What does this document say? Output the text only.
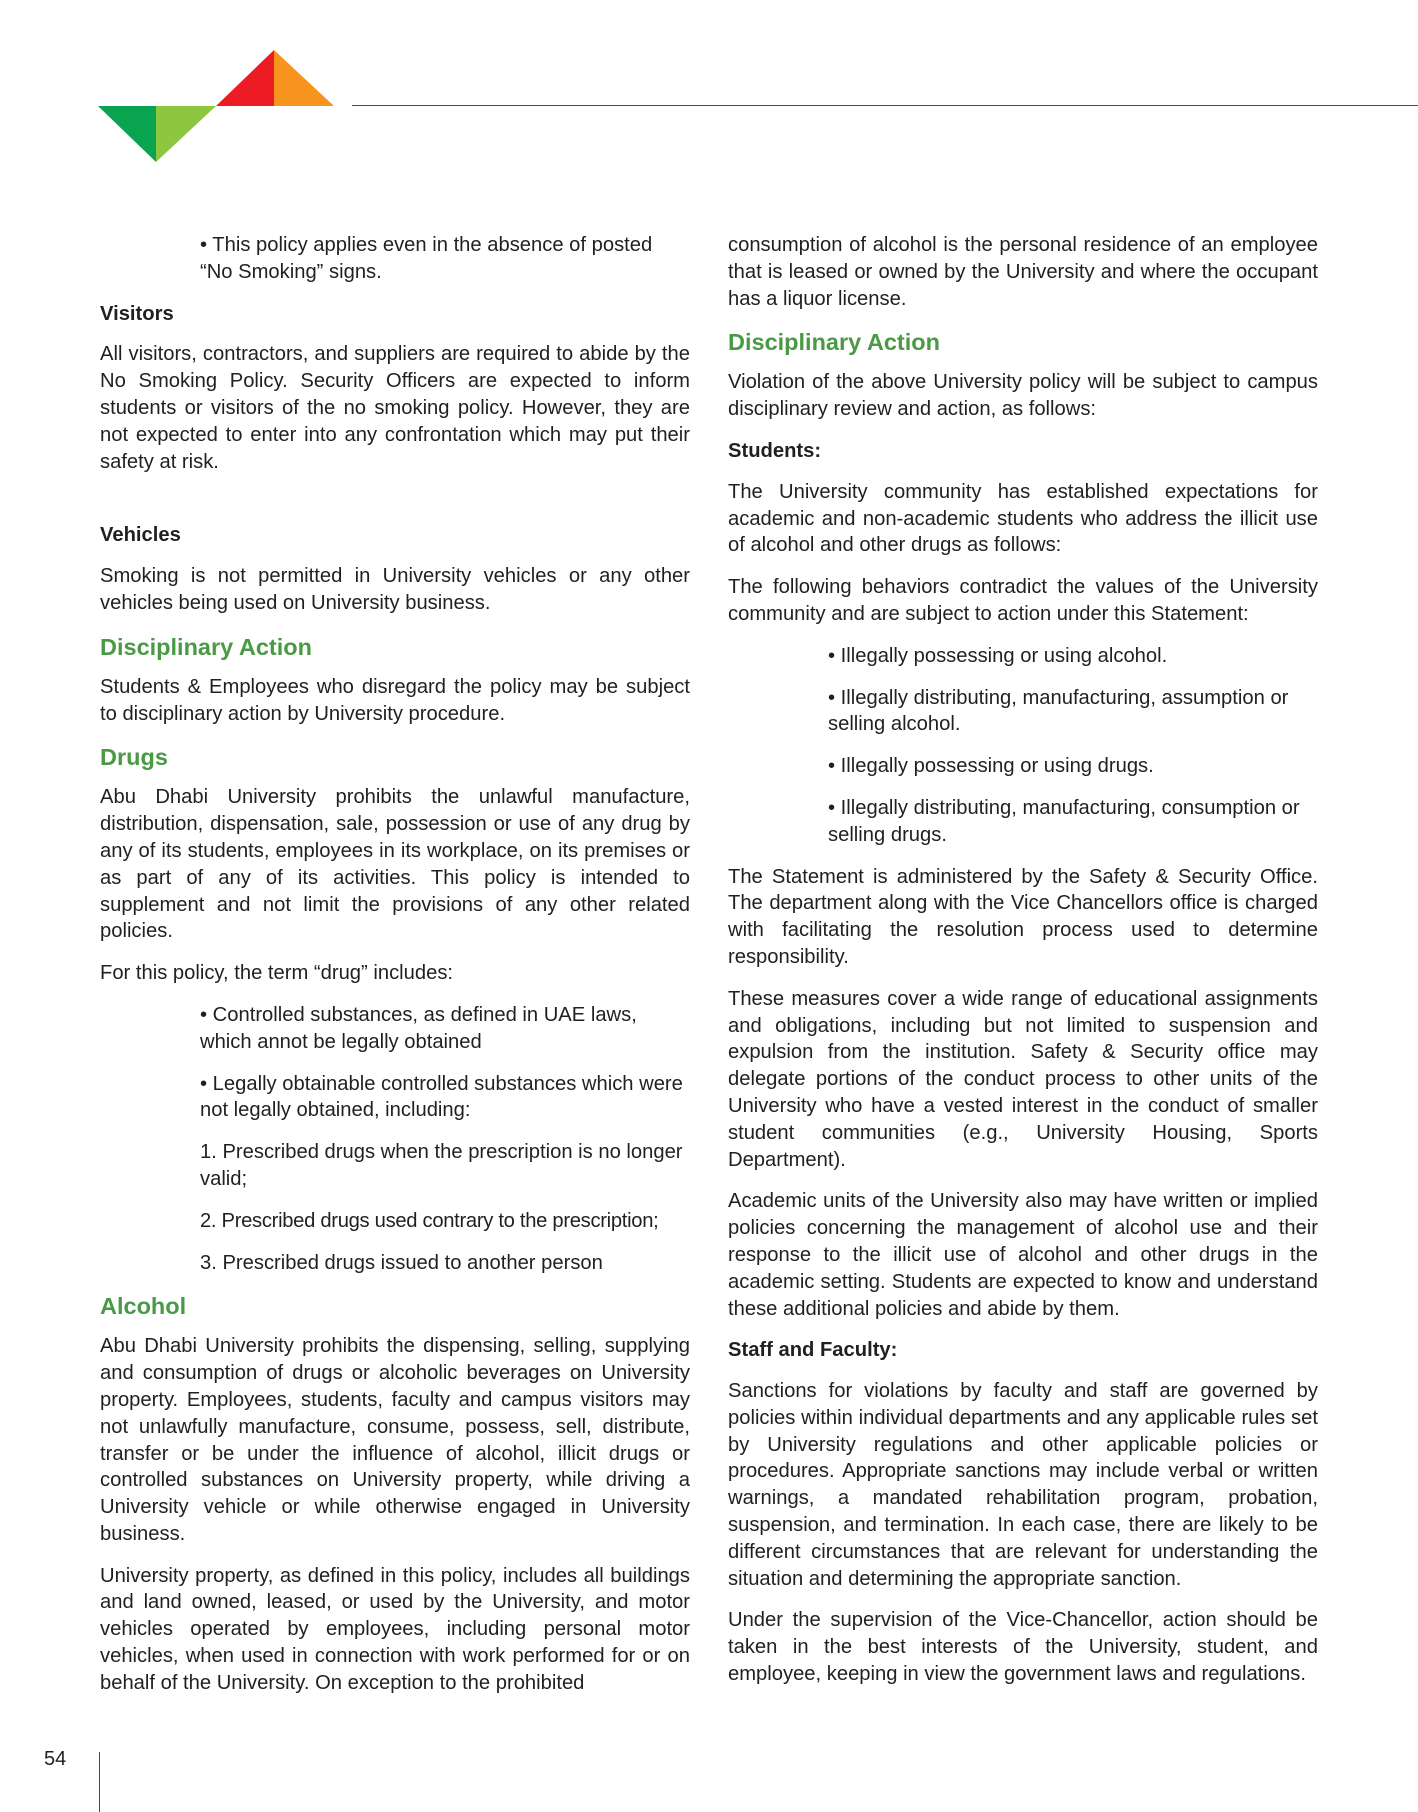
• This policy applies even in the absence of posted “No Smoking” signs.

Visitors

All visitors, contractors, and suppliers are required to abide by the No Smoking Policy. Security Officers are expected to inform students or visitors of the no smoking policy. However, they are not expected to enter into any confrontation which may put their safety at risk.

Vehicles

Smoking is not permitted in University vehicles or any other vehicles being used on University business.

Disciplinary Action

Students & Employees who disregard the policy may be subject to disciplinary action by University procedure.

Drugs

Abu Dhabi University prohibits the unlawful manufacture, distribution, dispensation, sale, possession or use of any drug by any of its students, employees in its workplace, on its premises or as part of any of its activities. This policy is intended to supplement and not limit the provisions of any other related policies.

For this policy, the term “drug” includes:

• Controlled substances, as defined in UAE laws, which annot be legally obtained

• Legally obtainable controlled substances which were not legally obtained, including:

1. Prescribed drugs when the prescription is no longer valid;

2. Prescribed drugs used contrary to the prescription;

3. Prescribed drugs issued to another person

Alcohol

Abu Dhabi University prohibits the dispensing, selling, supplying and consumption of drugs or alcoholic beverages on University property. Employees, students, faculty and campus visitors may not unlawfully manufacture, consume, possess, sell, distribute, transfer or be under the influence of alcohol, illicit drugs or controlled substances on University property, while driving a University vehicle or while otherwise engaged in University business.

University property, as defined in this policy, includes all buildings and land owned, leased, or used by the University, and motor vehicles operated by employees, including personal motor vehicles, when used in connection with work performed for or on behalf of the University. On exception to the prohibited

consumption of alcohol is the personal residence of an employee that is leased or owned by the University and where the occupant has a liquor license.

Disciplinary Action

Violation of the above University policy will be subject to campus disciplinary review and action, as follows:

Students:

The University community has established expectations for academic and non-academic students who address the illicit use of alcohol and other drugs as follows:

The following behaviors contradict the values of the University community and are subject to action under this Statement:

• Illegally possessing or using alcohol.

• Illegally distributing, manufacturing, assumption or selling alcohol.

• Illegally possessing or using drugs.

• Illegally distributing, manufacturing, consumption or selling drugs.

The Statement is administered by the Safety & Security Office. The department along with the Vice Chancellors office is charged with facilitating the resolution process used to determine responsibility.

These measures cover a wide range of educational assignments and obligations, including but not limited to suspension and expulsion from the institution. Safety & Security office may delegate portions of the conduct process to other units of the University who have a vested interest in the conduct of smaller student communities (e.g., University Housing, Sports Department).

Academic units of the University also may have written or implied policies concerning the management of alcohol use and their response to the illicit use of alcohol and other drugs in the academic setting. Students are expected to know and understand these additional policies and abide by them.

Staff and Faculty:

Sanctions for violations by faculty and staff are governed by policies within individual departments and any applicable rules set by University regulations and other applicable policies or procedures. Appropriate sanctions may include verbal or written warnings, a mandated rehabilitation program, probation, suspension, and termination. In each case, there are likely to be different circumstances that are relevant for understanding the situation and determining the appropriate sanction.

Under the supervision of the Vice-Chancellor, action should be taken in the best interests of the University, student, and employee, keeping in view the government laws and regulations.

54
